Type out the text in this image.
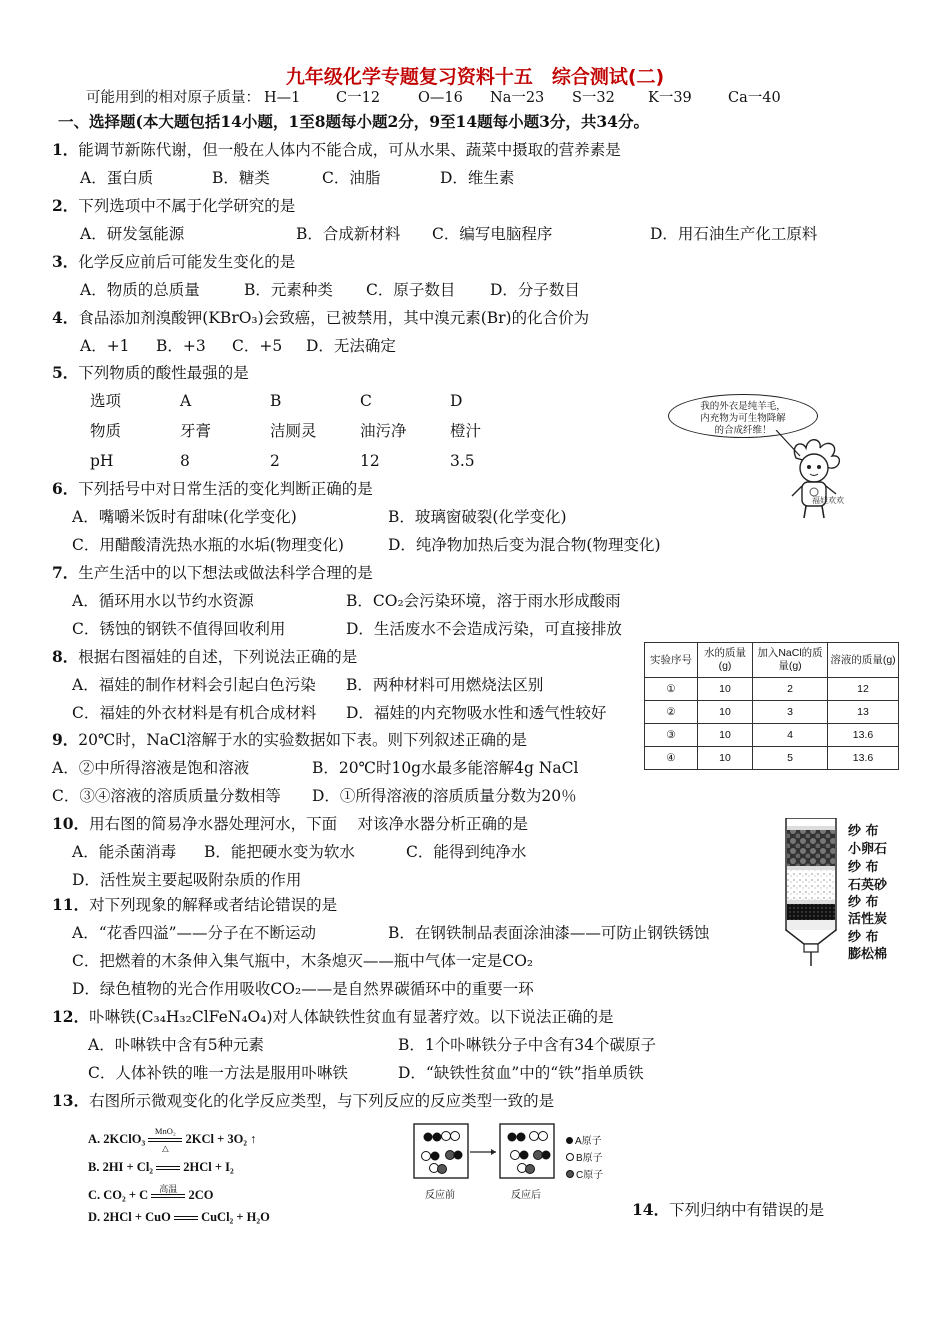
九年级化学专题复习资料十五　综合测试(二)
可能用到的相对原子质量： H—1 C一12	O—16 Na一23 S一32 K一39 Ca一40
一、选择题(本大题包括14小题，1至8题每小题2分，9至14题每小题3分，共34分。
1．能调节新陈代谢，但一般在人体内不能合成，可从水果、蔬菜中摄取的营养素是
A．蛋白质	B．糖类	C．油脂	D．维生素
2．下列选项中不属于化学研究的是
A．研发氢能源	B．合成新材料 C．编写电脑程序	D．用石油生产化工原料
3．化学反应前后可能发生变化的是
A．物质的总质量	B．元素种类 C．原子数目 D．分子数目
4．食品添加剂溴酸钾(KBrO₃)会致癌，已被禁用，其中溴元素(Br)的化合价为
A．+1 B．+3 C．+5 D．无法确定
5．下列物质的酸性最强的是
选项	A	B	C	D
物质	牙膏	洁厕灵	油污净	橙汁
pH	8	2	12	3.5
我的外衣是纯羊毛，
内充物为可生物降解
的合成纤维！
福娃欢欢
6．下列括号中对日常生活的变化判断正确的是
A．嘴嚼米饭时有甜味(化学变化)	B．玻璃窗破裂(化学变化)
C．用醋酸清洗热水瓶的水垢(物理变化)	D．纯净物加热后变为混合物(物理变化)
7．生产生活中的以下想法或做法科学合理的是
A．循环用水以节约水资源	B．CO₂会污染环境，溶于雨水形成酸雨
C．锈蚀的钢铁不值得回收利用	D．生活废水不会造成污染，可直接排放
8．根据右图福娃的自述，下列说法正确的是
A．福娃的制作材料会引起白色污染 B．两种材料可用燃烧法区别
C．福娃的外衣材料是有机合成材料 D．福娃的内充物吸水性和透气性较好
实验序号	水的质量(g)	加入NaCl的质量(g)	溶液的质量(g)
①	10	2	12
②	10	3	13
③	10	4	13.6
④	10	5	13.6
9．20℃时，NaCl溶解于水的实验数据如下表。则下列叙述正确的是
A．②中所得溶液是饱和溶液	B．20℃时10g水最多能溶解4g NaCl
C．③④溶液的溶质质量分数相等 D．①所得溶液的溶质质量分数为20％
10．用右图的简易净水器处理河水，下面　 对该净水器分析正确的是
A．能杀菌消毒 B．能把硬水变为软水	C．能得到纯净水
D．活性炭主要起吸附杂质的作用
纱 布
小卵石
纱 布
石英砂
纱 布
活性炭
纱 布
膨松棉
11．对下列现象的解释或者结论错误的是
A．“花香四溢”——分子在不断运动	B．在钢铁制品表面涂油漆——可防止钢铁锈蚀
C．把燃着的木条伸入集气瓶中，木条熄灭——瓶中气体一定是CO₂
D．绿色植物的光合作用吸收CO₂——是自然界碳循环中的重要一环
12．卟啉铁(C₃₄H₃₂ClFeN₄O₄)对人体缺铁性贫血有显著疗效。以下说法正确的是
A．卟啉铁中含有5种元素	B．1个卟啉铁分子中含有34个碳原子
C．人体补铁的唯一方法是服用卟啉铁	D．“缺铁性贫血”中的“铁”指单质铁
13．右图所示微观变化的化学反应类型，与下列反应的反应类型一致的是
A. 2KClO₃
MnO₂
△
2KCl + 3O₂ ↑
B. 2HI + Cl₂ 2HCl + I₂
C. CO₂ + C	高温 2CO
D. 2HCl + CuO CuCl₂ + H₂O
反应前	反应后
A原子
B原子
C原子
14．下列归纳中有错误的是
